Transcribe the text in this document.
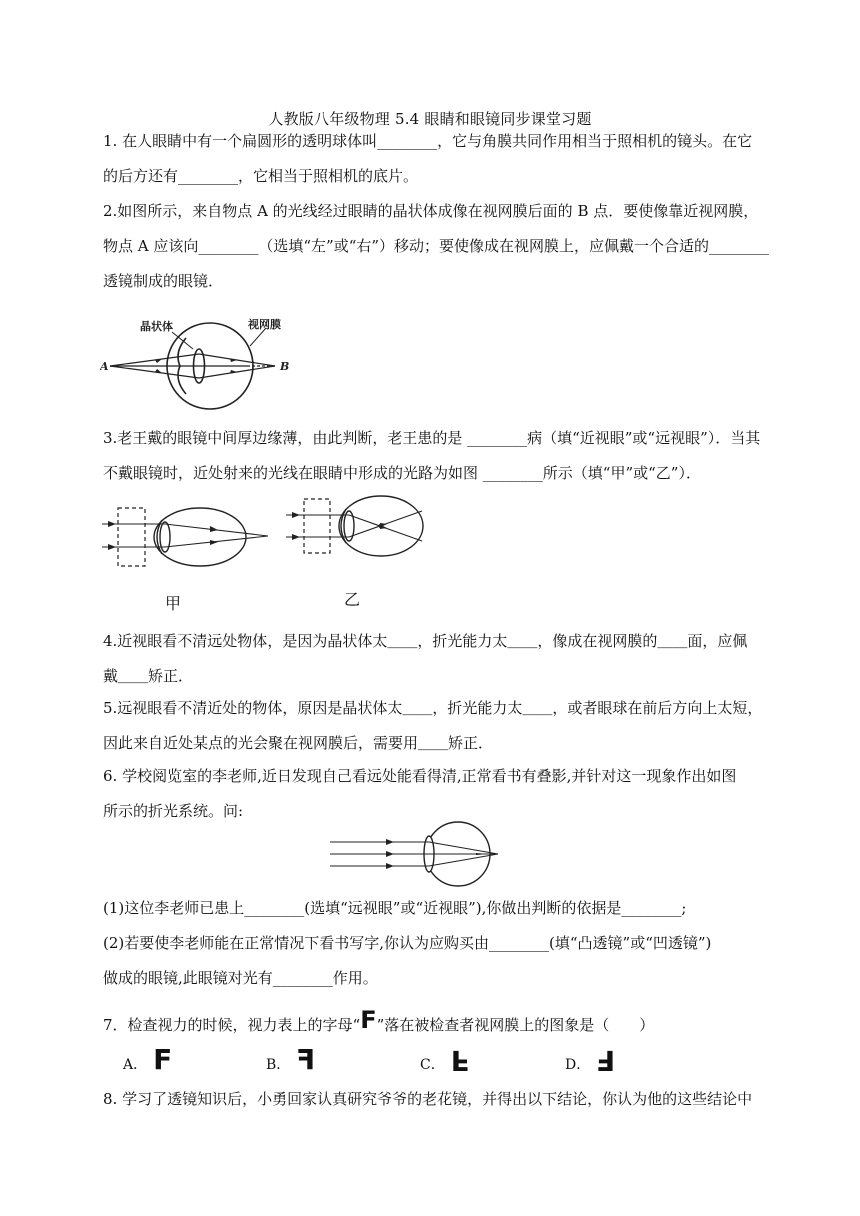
人教版八年级物理 5.4 眼睛和眼镜同步课堂习题
1. 在人眼睛中有一个扁圆形的透明球体叫________，它与角膜共同作用相当于照相机的镜头。在它
的后方还有________，它相当于照相机的底片。
2.如图所示，来自物点 A 的光线经过眼睛的晶状体成像在视网膜后面的 B 点．要使像靠近视网膜，
物点 A 应该向________（选填“左”或“右”）移动；要使像成在视网膜上，应佩戴一个合适的________
透镜制成的眼镜．
晶状体	视网膜
A	B
3.老王戴的眼镜中间厚边缘薄，由此判断，老王患的是 ________病（填“近视眼”或“远视眼”）．当其
不戴眼镜时，近处射来的光线在眼睛中形成的光路为如图 ________所示（填“甲”或“乙”）．
甲	乙
4.近视眼看不清远处物体，是因为晶状体太＿＿，折光能力太＿＿，像成在视网膜的＿＿面，应佩
戴＿＿矫正．
5.远视眼看不清近处的物体，原因是晶状体太＿＿，折光能力太＿＿，或者眼球在前后方向上太短，
因此来自近处某点的光会聚在视网膜后，需要用＿＿矫正．
6. 学校阅览室的李老师,近日发现自己看远处能看得清,正常看书有叠影,并针对这一现象作出如图
所示的折光系统。问:
(1)这位李老师已患上________(选填“远视眼”或“近视眼”),你做出判断的依据是________;
(2)若要使李老师能在正常情况下看书写字,你认为应购买由________(填“凸透镜”或“凹透镜”)
做成的眼镜,此眼镜对光有________作用。
7．检查视力的时候，视力表上的字母“F”落在被检查者视网膜上的图象是（　　）
A． F	B． F	C． F	D． F
8. 学习了透镜知识后，小勇回家认真研究爷爷的老花镜，并得出以下结论，你认为他的这些结论中
